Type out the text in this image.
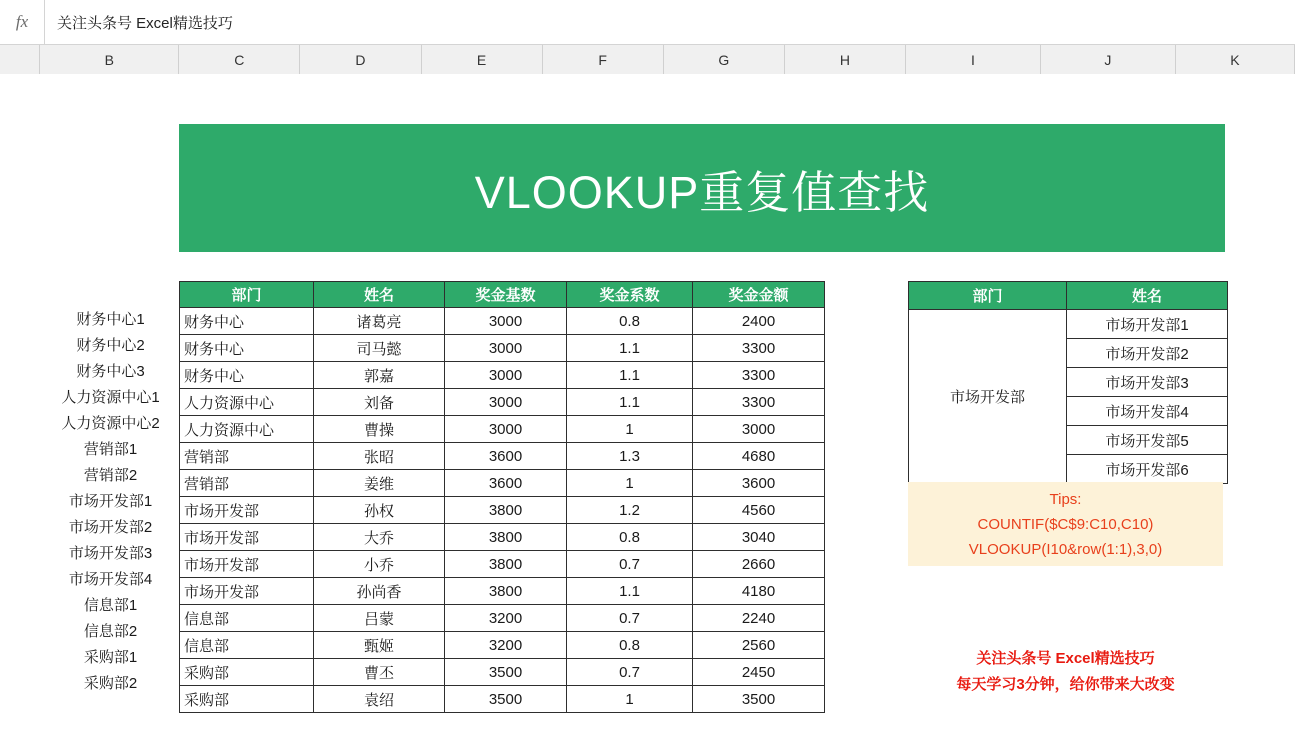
fx	关注头条号 Excel精选技巧
B	C	D	E	F	G	H	I	J	K
VLOOKUP重复值查找
财务中心1
财务中心2
财务中心3
人力资源中心1
人力资源中心2
营销部1
营销部2
市场开发部1
市场开发部2
市场开发部3
市场开发部4
信息部1
信息部2
采购部1
采购部2
部门	姓名	奖金基数	奖金系数	奖金金额
财务中心	诸葛亮	3000	0.8	2400
财务中心	司马懿	3000	1.1	3300
财务中心	郭嘉	3000	1.1	3300
人力资源中心	刘备	3000	1.1	3300
人力资源中心	曹操	3000	1	3000
营销部	张昭	3600	1.3	4680
营销部	姜维	3600	1	3600
市场开发部	孙权	3800	1.2	4560
市场开发部	大乔	3800	0.8	3040
市场开发部	小乔	3800	0.7	2660
市场开发部	孙尚香	3800	1.1	4180
信息部	吕蒙	3200	0.7	2240
信息部	甄姬	3200	0.8	2560
采购部	曹丕	3500	0.7	2450
采购部	袁绍	3500	1	3500
部门	姓名
市场开发部	市场开发部1
	市场开发部2
	市场开发部3
	市场开发部4
	市场开发部5
	市场开发部6
Tips:
COUNTIF($C$9:C10,C10)
VLOOKUP(I10&row(1:1),3,0)
关注头条号 Excel精选技巧
每天学习3分钟，给你带来大改变
